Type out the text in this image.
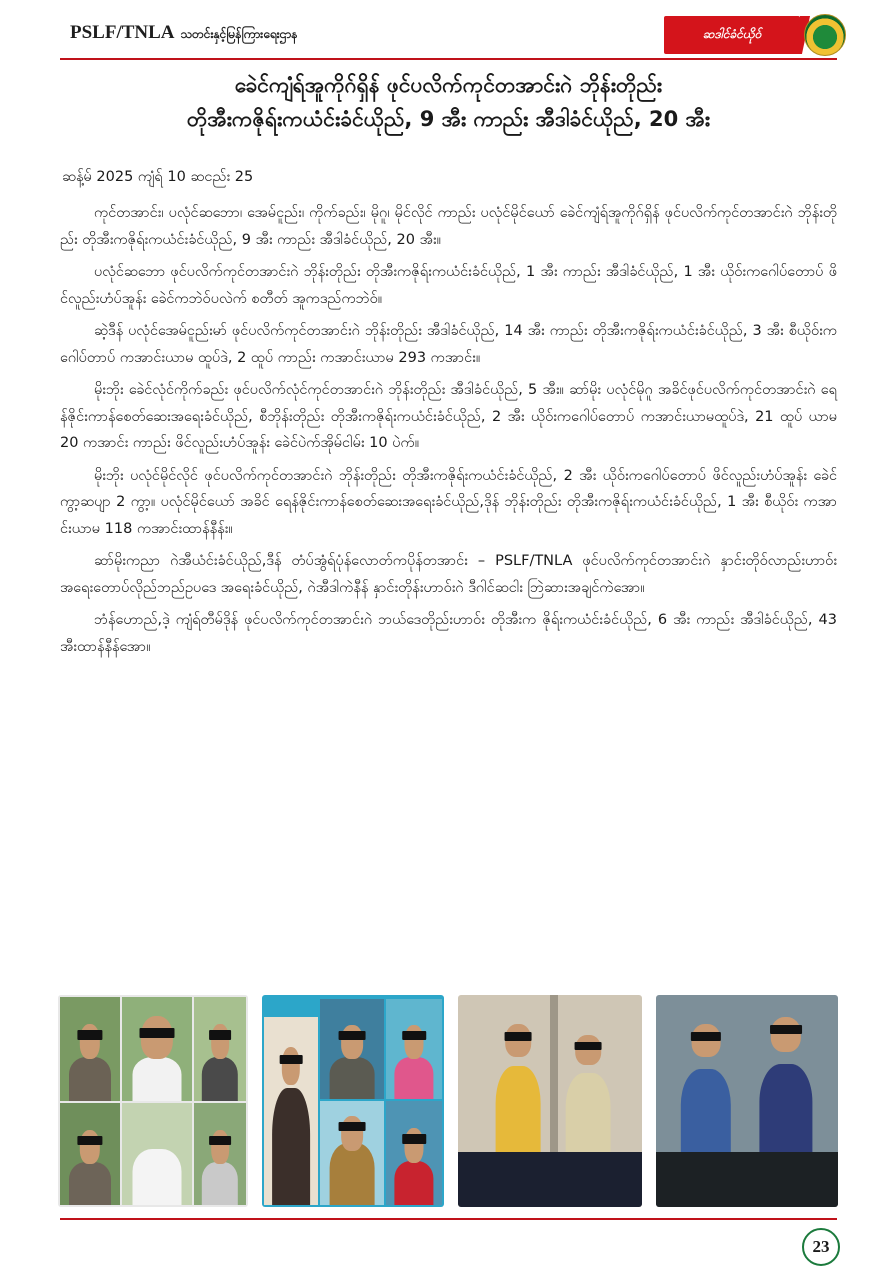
PSLF/TNLA သတင်းနှင့်မြန်ကြားရေးဌာန	ဆဒါင်ခံင်ယိုဝ်
ခေဲင်ကျံရ်အူကိုဂ်ရှိန် ဖုင်ပလိက်ကုင်တအာင်းဂဲ ဘိုန်းတိုည်း
တိုအီးကဇိုရ်းကယံင်းခံင်ယိုည်, 9 အီး ကာည်း အီဒါခံင်ယိုည်, 20 အီး
ဆန့်မ် 2025 ကျံရ် 10 ဆငည်း 25

ကုင်တအာင်း၊ ပလုံင်ဆဘော၊ အေမ်ငူည်း၊ ကိုက်ခည်း၊ မိုဂူ၊ မိုင်လိုင် ကာည်း ပလုံင်မိုင်ယော် ခေဲင်ကျံရ်အူကိုဂ်ရှိန် ဖုင်ပလိက်ကုင်တအာင်းဂဲ ဘိုန်းတိုည်း တိုအီးကဇိုရ်းကယံင်းခံင်ယိုည်, 9 အီး ကာည်း အီဒါခံင်ယိုည်, 20 အီး။

ပလုံင်ဆဘော ဖုင်ပလိက်ကုင်တအာင်းဂဲ ဘိုန်းတိုည်း တိုအီးကဇိုရ်းကယံင်းခံင်ယိုည်, 1 အီး ကာည်း အီဒါခံင်ယိုည်, 1 အီး ယိုဝ်းကဂေါပ်တောပ် ဖိင်လူည်းဟံပ်အူန်း ခေဲင်ကဘဲဝ်ပလဲက် စတီတ် အူကဒည်ကဘဲဝ်။

ဆဲ့ဒီန် ပလုံင်အေမ်ငူည်းမာ် ဖုင်ပလိက်ကုင်တအာင်းဂဲ ဘိုန်းတိုည်း အီဒါခံင်ယိုည်, 14 အီး ကာည်း တိုအီးကဇိုရ်းကယံင်းခံင်ယိုည်, 3 အီး စီယိုဝ်းကဂေါပ်တာပ် ကအာင်းယာမ ထူပ်ဒဲ, 2 ထူပ် ကာည်း ကအာင်းယာမ 293 ကအာင်း။

မိုးဘိုး ခေဲင်လုံင်ကိုက်ခည်း ဖုင်ပလိက်လုံင်ကုင်တအာင်းဂဲ ဘိုန်းတိုည်း အီဒါခံင်ယိုည်, 5 အီး။ ဆာ်မိုး ပလုံင်မိုဂူ အခိင်ဖုင်ပလိက်ကုင်တအာင်းဂဲ ရေန်ဇိုင်းကာန်စေတ်ဆေးအရေးခံင်ယိုည်, စီဘိုန်းတိုည်း တိုအီးကဇိုရ်းကယံင်းခံင်ယိုည်, 2 အီး ယိုဝ်းကဂေါပ်တောပ် ကအာင်းယာမထူပ်ဒဲ, 21 ထူပ် ယာမ 20 ကအာင်း ကာည်း ဖိင်လူည်းဟံပ်အူန်း ခေဲင်ပဲက်အိုမ်ငါမ်း 10 ပဲက်။

မိုးဘိုး ပလုံင်မိုင်လိုင် ဖုင်ပလိက်ကုင်တအာင်းဂဲ ဘိုန်းတိုည်း တိုအီးကဇိုရ်းကယံင်းခံင်ယိုည်, 2 အီး ယိုဝ်းကဂေါပ်တောပ် ဖိင်လူည်းဟံပ်အူန်း ခေဲင်ကွာ့ဆပျာ 2 ကွာ့။ ပလုံင်မိုင်ယော် အခိင် ရေန်ဇိုင်းကာန်စေတ်ဆေးအရေးခံင်ယိုည်,ဒိုန် ဘိုန်းတိုည်း တိုအီးကဇိုရ်းကယံင်းခံင်ယိုည်, 1 အီး စီယိုဝ်း ကအာင်းယာမ 118 ကအာင်းထာန်နီန်း။

ဆာ်မိုးကညာ ဂဲအီယံင်းခံင်ယိုည်,ဒီန် တံပ်အွံရ်ပုံန်လောတ်ကပိုန်တအာင်း – PSLF/TNLA ဖုင်ပလိက်ကုင်တအာင်းဂဲ နှာင်းတိုဝ်လာည်းဟာဝ်းအရေးတောပ်လိုည်ဘည်ဥပဒေ အရေးခံင်ယိုည်, ဂဲအီဒါကဲနီန် နှာင်းတိုန်းဟာဝ်းဂဲ ဒီဂါင်ဆငါး ဘြဲဆားအချင်ကဲအော။

ဘံန်ဟောည်,ဒဲ့ ကျံရ်တီမ်ဒိုန် ဖုင်ပလိက်ကုင်တအာင်းဂဲ ဘယ်ဒေတိုည်းဟာဝ်း တိုအီးက ဇိုရ်းကယံင်းခံင်ယိုည်, 6 အီး ကာည်း အီဒါခံင်ယိုည်, 43 အီးထာန်နီန်အော။

23
